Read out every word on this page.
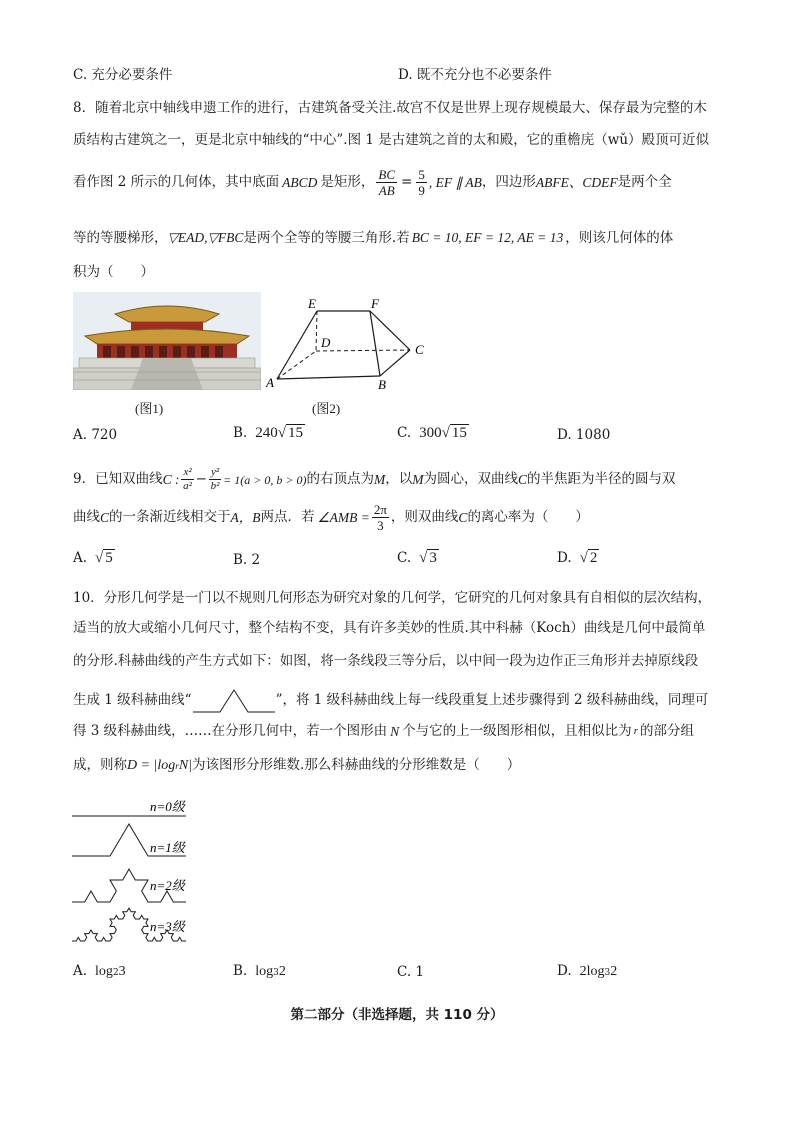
C. 充分必要条件	D. 既不充分也不必要条件
8．随着北京中轴线申遗工作的进行，古建筑备受关注.故宫不仅是世界上现存规模最大、保存最为完整的木
质结构古建筑之一，更是北京中轴线的“中心”.图 1 是古建筑之首的太和殿，它的重檐庑（wǔ）殿顶可近似
看作图 2 所示的几何体，其中底面 ABCD 是矩形， $\frac{BC}{AB} = \frac{5}{9}$ , EF ∥ AB ，四边形 ABFE、CDEF 是两个全
等的等腰梯形，▽EAD,▽FBC是两个全等的等腰三角形.若 BC = 10, EF = 12, AE = 13 ，则该几何体的体
积为（　　）
(图1)
E	F
D	C
A	B
(图2)
A. 720	B. 240 √ 15	C. 300 √ 15	D. 1080
9．已知双曲线 C : $\frac{\text{x²}}{\text{a²}} - \frac{\text{y²}}{\text{b²}} = 1(a > 0$, b > 0) 的右顶点为 M ，以 M 为圆心，双曲线 C 的半焦距为半径的圆与双
曲线 C 的一条渐近线相交于 A，B 两点．若 ∠AMB = $\frac{2\pi}{3}$ ，则双曲线 C 的离心率为（　　）
A. √ 5	B. 2	C. √ 3	D. √ 2
10．分形几何学是一门以不规则几何形态为研究对象的几何学，它研究的几何对象具有自相似的层次结构，
适当的放大或缩小几何尺寸，整个结构不变，具有许多美妙的性质.其中科赫（Koch）曲线是几何中最简单
的分形.科赫曲线的产生方式如下：如图，将一条线段三等分后，以中间一段为边作正三角形并去掉原线段
生成 1 级科赫曲线“	”，将 1 级科赫曲线上每一线段重复上述步骤得到 2 级科赫曲线，同理可
得 3 级科赫曲线，……在分形几何中，若一个图形由 N 个与它的上一级图形相似，且相似比为 r 的部分组
成，则称 D = |log r N| 为该图形分形维数.那么科赫曲线的分形维数是（　　）
n=0级
n=1级
n=2级
n=3级
A. log 2 3	B. log 3 2	C. 1	D. 2log 3 2
第二部分（非选择题，共 110 分）
